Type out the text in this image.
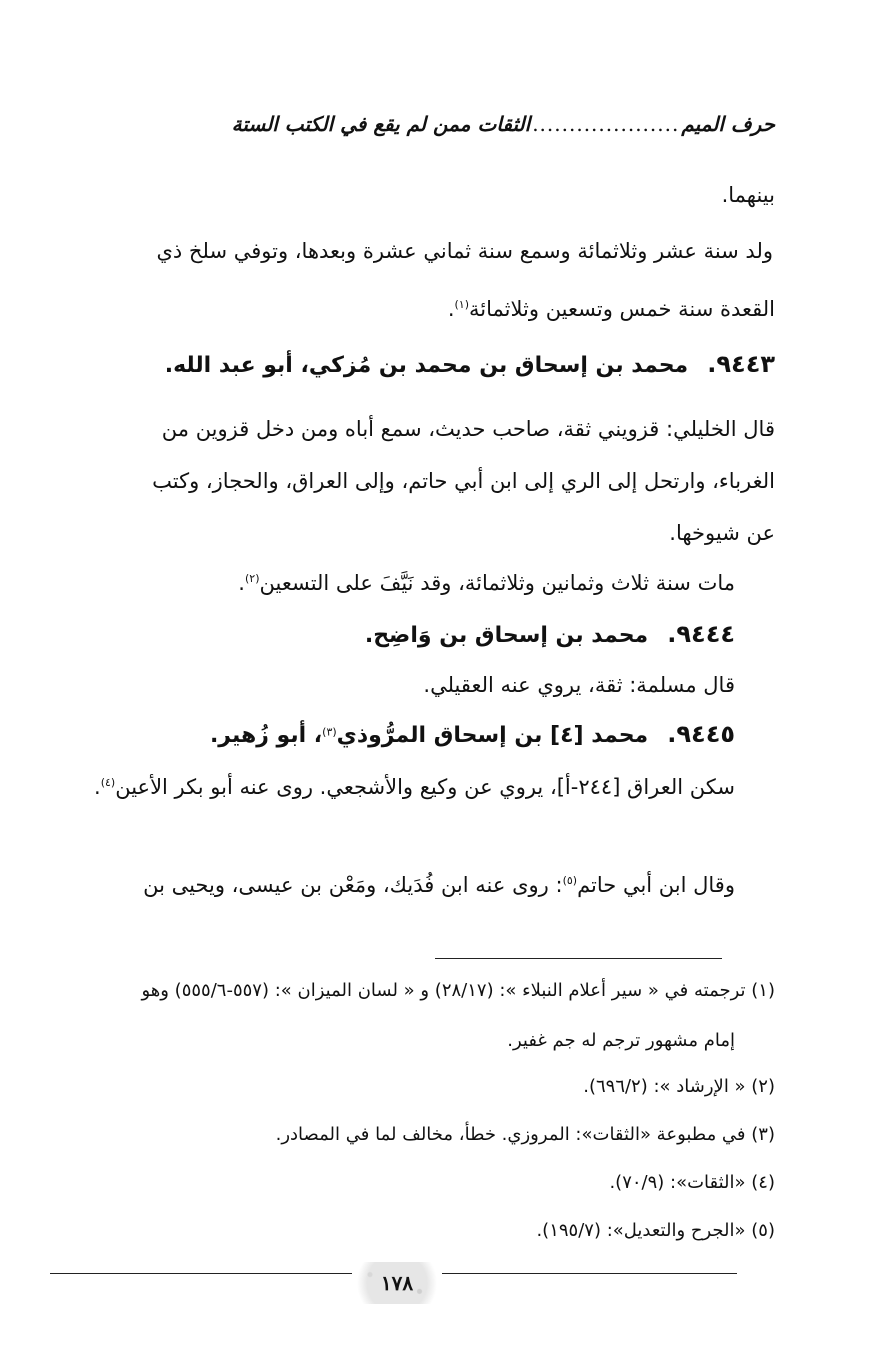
حرف الميم
....................
الثقات ممن لم يقع في الكتب الستة
بينهما.
ولد سنة عشر وثلاثمائة وسمع سنة ثماني عشرة وبعدها، وتوفي سلخ ذي
القعدة سنة خمس وتسعين وثلاثمائة$^{(١)}$.
٩٤٤٣. محمد بن إسحاق بن محمد بن مُزكي، أبو عبد الله.
قال الخليلي: قزويني ثقة، صاحب حديث، سمع أباه ومن دخل قزوين من
الغرباء، وارتحل إلى الري إلى ابن أبي حاتم، وإلى العراق، والحجاز، وكتب
عن شيوخها.
مات سنة ثلاث وثمانين وثلاثمائة، وقد نَيَّفَ على التسعين$^{(٢)}$.
٩٤٤٤. محمد بن إسحاق بن وَاضِح.
قال مسلمة: ثقة، يروي عنه العقيلي.
٩٤٤٥. محمد [٤] بن إسحاق المرُّوذي$^{(٣)}$، أبو زُهير.
سكن العراق [٢٤٤-أ]، يروي عن وكيع والأشجعي. روى عنه أبو بكر الأعين$^{(٤)}$.
وقال ابن أبي حاتم$^{(٥)}$: روى عنه ابن فُدَيك، ومَعْن بن عيسى، ويحيى بن
(١) ترجمته في « سير أعلام النبلاء »: (٢٨/١٧) و « لسان الميزان »: (٥٥٧-٥٥٥/٦) وهو
إمام مشهور ترجم له جم غفير.
(٢) « الإرشاد »: (٦٩٦/٢).
(٣) في مطبوعة «الثقات»: المروزي. خطأ، مخالف لما في المصادر.
(٤) «الثقات»: (٧٠/٩).
(٥) «الجرح والتعديل»: (١٩٥/٧).
١٧٨
